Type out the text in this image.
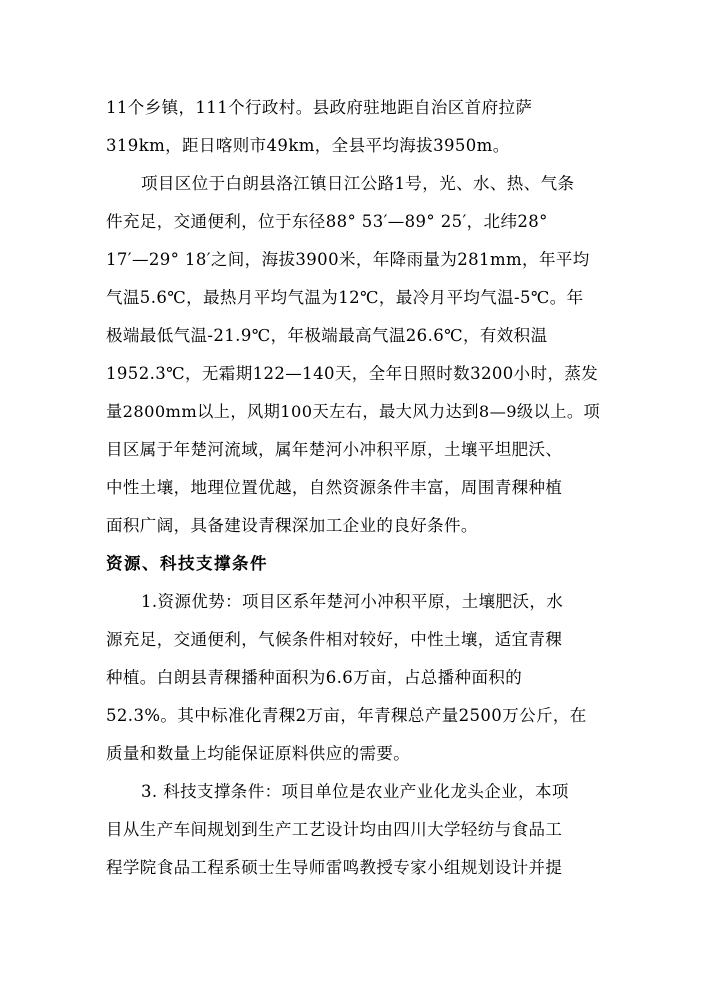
11个乡镇，111个行政村。县政府驻地距自治区首府拉萨
319km，距日喀则市49km，全县平均海拔3950m。
项目区位于白朗县洛江镇日江公路1号，光、水、热、气条
件充足，交通便利，位于东径88° 53′—89° 25′，北纬28°
17′—29° 18′之间，海拔3900米，年降雨量为281mm，年平均
气温5.6℃，最热月平均气温为12℃，最冷月平均气温-5℃。年
极端最低气温-21.9℃，年极端最高气温26.6℃，有效积温
1952.3℃，无霜期122—140天，全年日照时数3200小时，蒸发
量2800mm以上，风期100天左右，最大风力达到8—9级以上。项
目区属于年楚河流域，属年楚河小冲积平原，土壤平坦肥沃、
中性土壤，地理位置优越，自然资源条件丰富，周围青稞种植
面积广阔，具备建设青稞深加工企业的良好条件。
资源、科技支撑条件
1.资源优势：项目区系年楚河小冲积平原，土壤肥沃，水
源充足，交通便利，气候条件相对较好，中性土壤，适宜青稞
种植。白朗县青稞播种面积为6.6万亩，占总播种面积的
52.3%。其中标准化青稞2万亩，年青稞总产量2500万公斤，在
质量和数量上均能保证原料供应的需要。
3. 科技支撑条件：项目单位是农业产业化龙头企业，本项
目从生产车间规划到生产工艺设计均由四川大学轻纺与食品工
程学院食品工程系硕士生导师雷鸣教授专家小组规划设计并提
